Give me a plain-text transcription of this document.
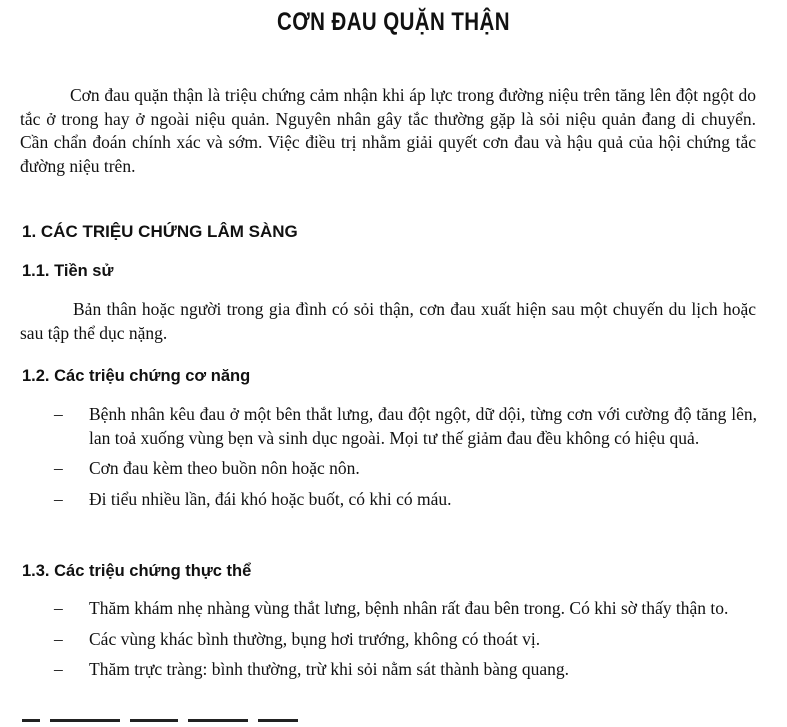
CƠN ĐAU QUẶN THẬN
Cơn đau quặn thận là triệu chứng cảm nhận khi áp lực trong đường niệu trên tăng lên đột ngột do tắc ở trong hay ở ngoài niệu quản. Nguyên nhân gây tắc thường gặp là sỏi niệu quản đang di chuyển. Cần chẩn đoán chính xác và sớm. Việc điều trị nhằm giải quyết cơn đau và hậu quả của hội chứng tắc đường niệu trên.
1. CÁC TRIỆU CHỨNG LÂM SÀNG
1.1. Tiền sử
Bản thân hoặc người trong gia đình có sỏi thận, cơn đau xuất hiện sau một chuyến du lịch hoặc sau tập thể dục nặng.
1.2. Các triệu chứng cơ năng
– Bệnh nhân kêu đau ở một bên thắt lưng, đau đột ngột, dữ dội, từng cơn với cường độ tăng lên, lan toả xuống vùng bẹn và sinh dục ngoài. Mọi tư thế giảm đau đều không có hiệu quả.
– Cơn đau kèm theo buồn nôn hoặc nôn.
– Đi tiểu nhiều lần, đái khó hoặc buốt, có khi có máu.
1.3. Các triệu chứng thực thể
– Thăm khám nhẹ nhàng vùng thắt lưng, bệnh nhân rất đau bên trong. Có khi sờ thấy thận to.
– Các vùng khác bình thường, bụng hơi trướng, không có thoát vị.
– Thăm trực tràng: bình thường, trừ khi sỏi nằm sát thành bàng quang.
